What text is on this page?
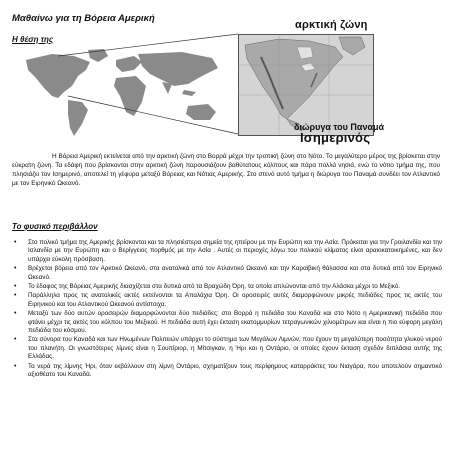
Μαθαίνω για τη Βόρεια Αμερική
Η θέση της
αρκτική ζώνη
διώρυγα του Παναμά
Ισημερινός

Η Βόρεια Αμερική εκτείνεται από την αρκτική ζώνη στο Βορρά μέχρι την τροπική ζώνη στο Νότο. Το μεγαλύτερο μέρος της βρίσκεται στην εύκρατη ζώνη. Τα εδάφη που βρίσκονται στην αρκτική ζώνη παρουσιάζουν βαθύτατους κόλπους και πάρα πολλά νησιά, ενώ το νότιο τμήμα της, που πλησιάζει τον Ισημερινό, αποτελεί τη γέφυρα μεταξύ Βόρειας και Νότιας Αμερικής. Στο στενό αυτό τμήμα η διώρυγα του Παναμά συνδέει τον Ατλαντικό με τον Ειρηνικό Ωκεανό.

Το φυσικό περιβάλλον
• Στο πολικό τμήμα της Αμερικής βρίσκονται και τα πλησιέστερα σημεία της ηπείρου με την Ευρώπη και την Ασία. Πρόκειται για την Γροιλανδία και την Ισλανδία με την Ευρώπη και ο Βερίγγειος πορθμός με την Ασία . Αυτές οι περιοχές λόγω του πολικού κλίματος είναι αραιοκατοικημένες, και δεν υπάρχει εύκολη πρόσβαση.
• Βρέχεται βόρεια από τον Αρκτικό Ωκεανό, στα ανατολικά από τον Ατλαντικό Ωκεανό και την Καραϊβική θάλασσα και στα δυτικά από τον Ειρηνικό Ωκεανό.
• Το έδαφος της Βόρειας Αμερικής διασχίζεται στα δυτικά από τα Βραχώδη Όρη, τα οποία απλώνονται από την Αλάσκα μέχρι το Μεξικό.
• Παράλληλα προς τις ανατολικές ακτές εκτείνονται τα Απαλάχια Όρη. Οι οροσειρές αυτές διαμορφώνουν μικρές πεδιάδες προς τις ακτές του Ειρηνικού και του Ατλαντικού Ωκεανού αντίστοιχα.
• Μεταξύ των δύο αυτών οροσειρών διαμορφώνονται δύο πεδιάδες: στο Βορρά η πεδιάδα του Καναδά και στο Νότο η Αμερικανική πεδιάδα που φτάνει μέχρι τις ακτές του κόλπου του Μεξικού. Η πεδιάδα αυτή έχει έκταση εκατομμυρίων τετραγωνικών χιλιομέτρων και είναι η πιο εύφορη μεγάλη πεδιάδα του κόσμου.
• Στα σύνορα του Καναδά και των Ηνωμένων Πολιτειών υπάρχει το σύστημα των Μεγάλων Λιμνών, που έχουν τη μεγαλύτερη ποσότητα γλυκού νερού του πλανήτη. Οι γνωστότερες λίμνες είναι η Σουπίριορ, η Μίτσιγκαν, η Ήρι και η Οντάριο, οι οποίες έχουν έκταση σχεδόν διπλάσια αυτής της Ελλάδας.
• Τα νερά της λίμνης Ήρι, όταν εκβάλλουν στη λίμνη Οντάριο, σχηματίζουν τους περίφημους καταρράκτες του Νιαγάρα, που αποτελούν σημαντικό αξιοθέατο του Καναδά.
